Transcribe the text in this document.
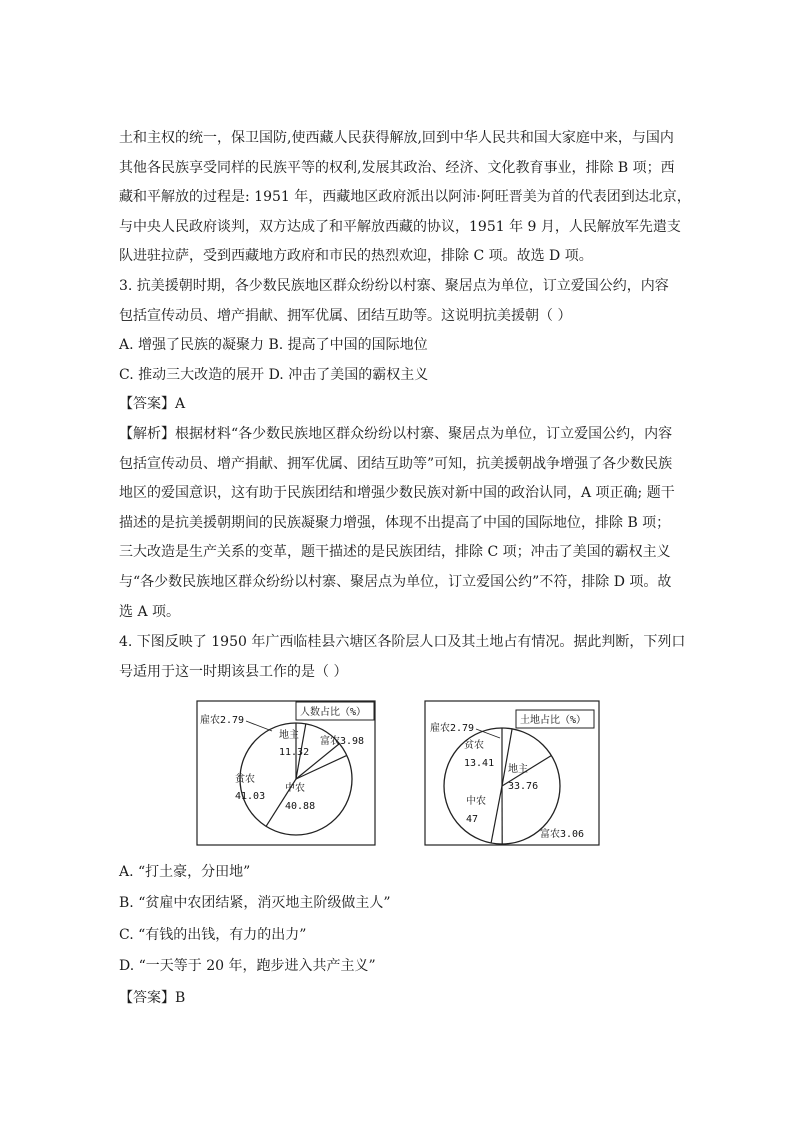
土和主权的统一，保卫国防,使西藏人民获得解放,回到中华人民共和国大家庭中来，与国内
其他各民族享受同样的民族平等的权利,发展其政治、经济、文化教育事业，排除 B 项；西
藏和平解放的过程是: 1951 年，西藏地区政府派出以阿沛·阿旺晋美为首的代表团到达北京，
与中央人民政府谈判，双方达成了和平解放西藏的协议，1951 年 9 月，人民解放军先遣支
队进驻拉萨，受到西藏地方政府和市民的热烈欢迎，排除 C 项。故选 D 项。
3. 抗美援朝时期，各少数民族地区群众纷纷以村寨、聚居点为单位，订立爱国公约，内容
包括宣传动员、增产捐献、拥军优属、团结互助等。这说明抗美援朝（ ）
A. 增强了民族的凝聚力 B. 提高了中国的国际地位
C. 推动三大改造的展开 D. 冲击了美国的霸权主义
【答案】A
【解析】根据材料“各少数民族地区群众纷纷以村寨、聚居点为单位，订立爱国公约，内容
包括宣传动员、增产捐献、拥军优属、团结互助等”可知，抗美援朝战争增强了各少数民族
地区的爱国意识，这有助于民族团结和增强少数民族对新中国的政治认同，A 项正确; 题干
描述的是抗美援朝期间的民族凝聚力增强，体现不出提高了中国的国际地位，排除 B 项；
三大改造是生产关系的变革，题干描述的是民族团结，排除 C 项；冲击了美国的霸权主义
与“各少数民族地区群众纷纷以村寨、聚居点为单位，订立爱国公约”不符，排除 D 项。故
选 A 项。
4. 下图反映了 1950 年广西临桂县六塘区各阶层人口及其土地占有情况。据此判断，下列口
号适用于这一时期该县工作的是（ ）
人数占比（%）
雇农2.79
地主
11.32
富农3.98
中农
40.88
贫农
41.03
土地占比（%）
雇农2.79
贫农
13.41
地主
33.76
富农3.06
中农
47
A. “打土豪，分田地”
B. “贫雇中农团结紧，消灭地主阶级做主人”
C. “有钱的出钱，有力的出力”
D. “一天等于 20 年，跑步进入共产主义”
【答案】B
